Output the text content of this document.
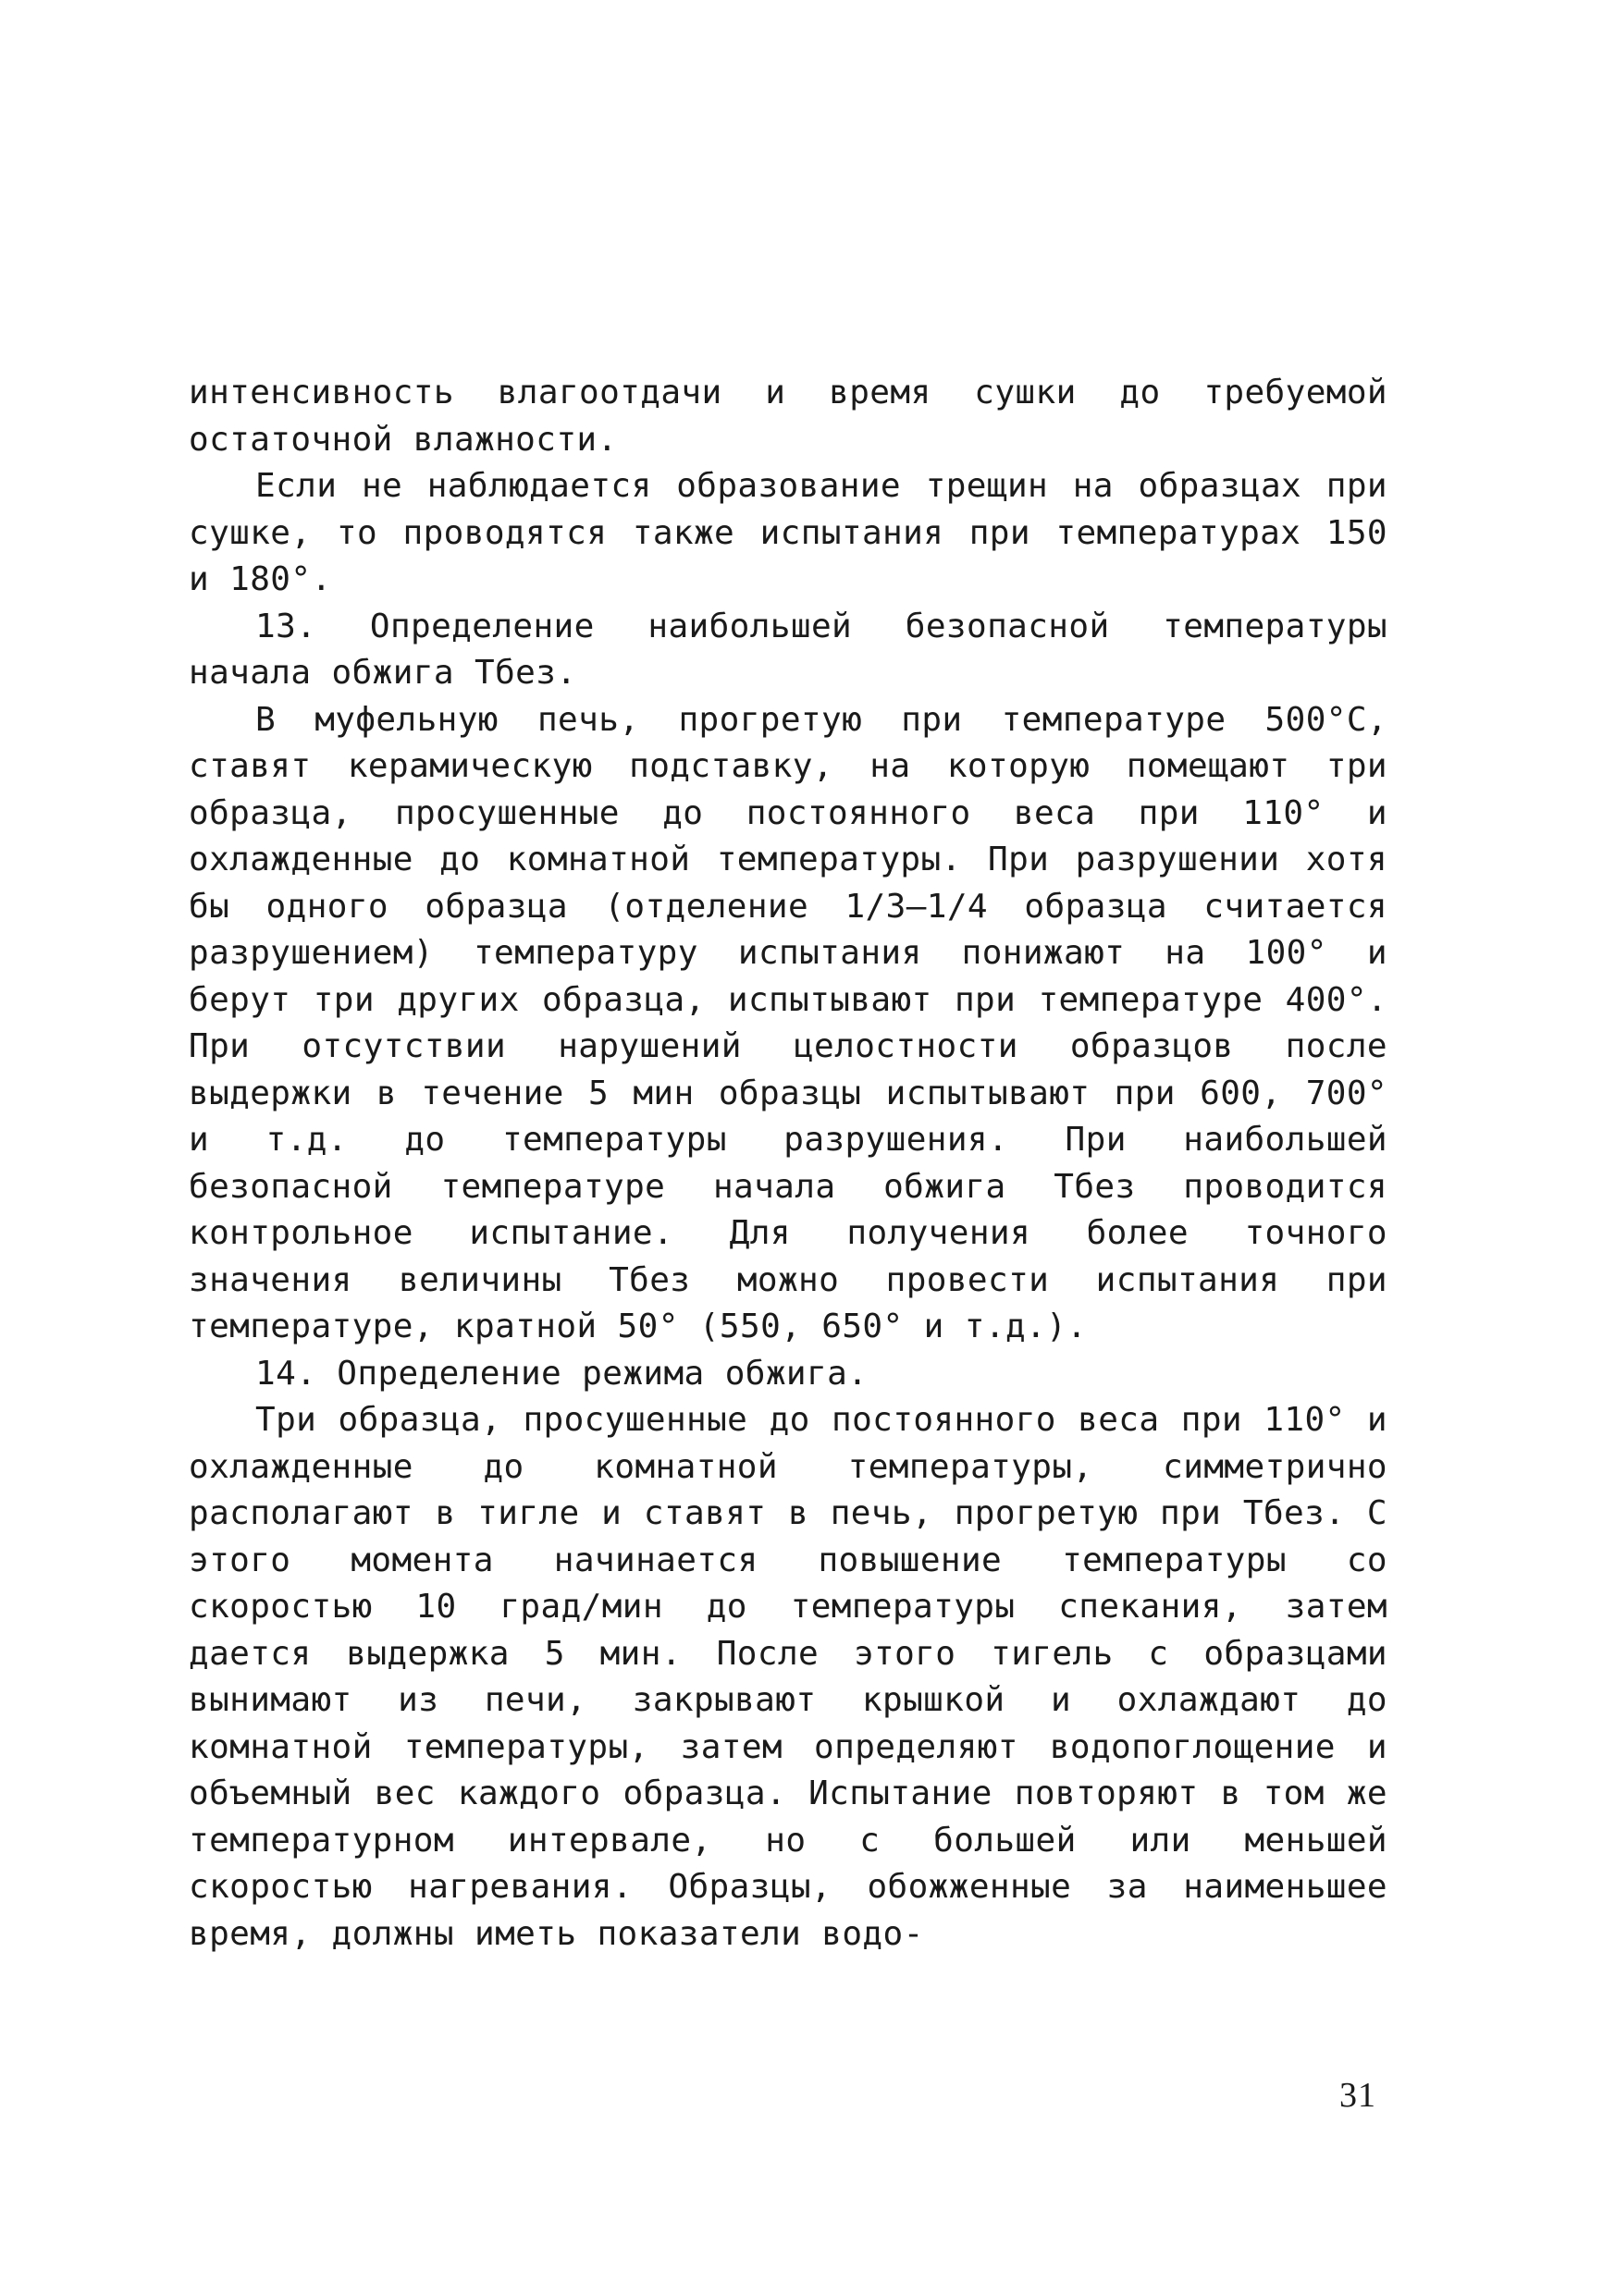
интенсивность влагоотдачи и время сушки до требуемой остаточной влажности.

Если не наблюдается образование трещин на образцах при сушке, то проводятся также испытания при температурах 150 и 180°.

13. Определение наибольшей безопасной температуры начала обжига Тбез.

В муфельную печь, прогретую при температуре 500°С, ставят керамическую подставку, на которую помещают три образца, просушенные до постоянного веса при 110° и охлажденные до комнатной температуры. При разрушении хотя бы одного образца (отделение 1/3–1/4 образца считается разрушением) температуру испытания понижают на 100° и берут три других образца, испытывают при температуре 400°. При отсутствии нарушений целостности образцов после выдержки в течение 5 мин образцы испытывают при 600, 700° и т.д. до температуры разрушения. При наибольшей безопасной температуре начала обжига Тбез проводится контрольное испытание. Для получения более точного значения величины Тбез можно провести испытания при температуре, кратной 50° (550, 650° и т.д.).

14. Определение режима обжига.

Три образца, просушенные до постоянного веса при 110° и охлажденные до комнатной температуры, симметрично располагают в тигле и ставят в печь, прогретую при Тбез. С этого момента начинается повышение температуры со скоростью 10 град/мин до температуры спекания, затем дается выдержка 5 мин. После этого тигель с образцами вынимают из печи, закрывают крышкой и охлаждают до комнатной температуры, затем определяют водопоглощение и объемный вес каждого образца. Испытание повторяют в том же температурном интервале, но с большей или меньшей скоростью нагревания. Образцы, обожженные за наименьшее время, должны иметь показатели водо-

31
